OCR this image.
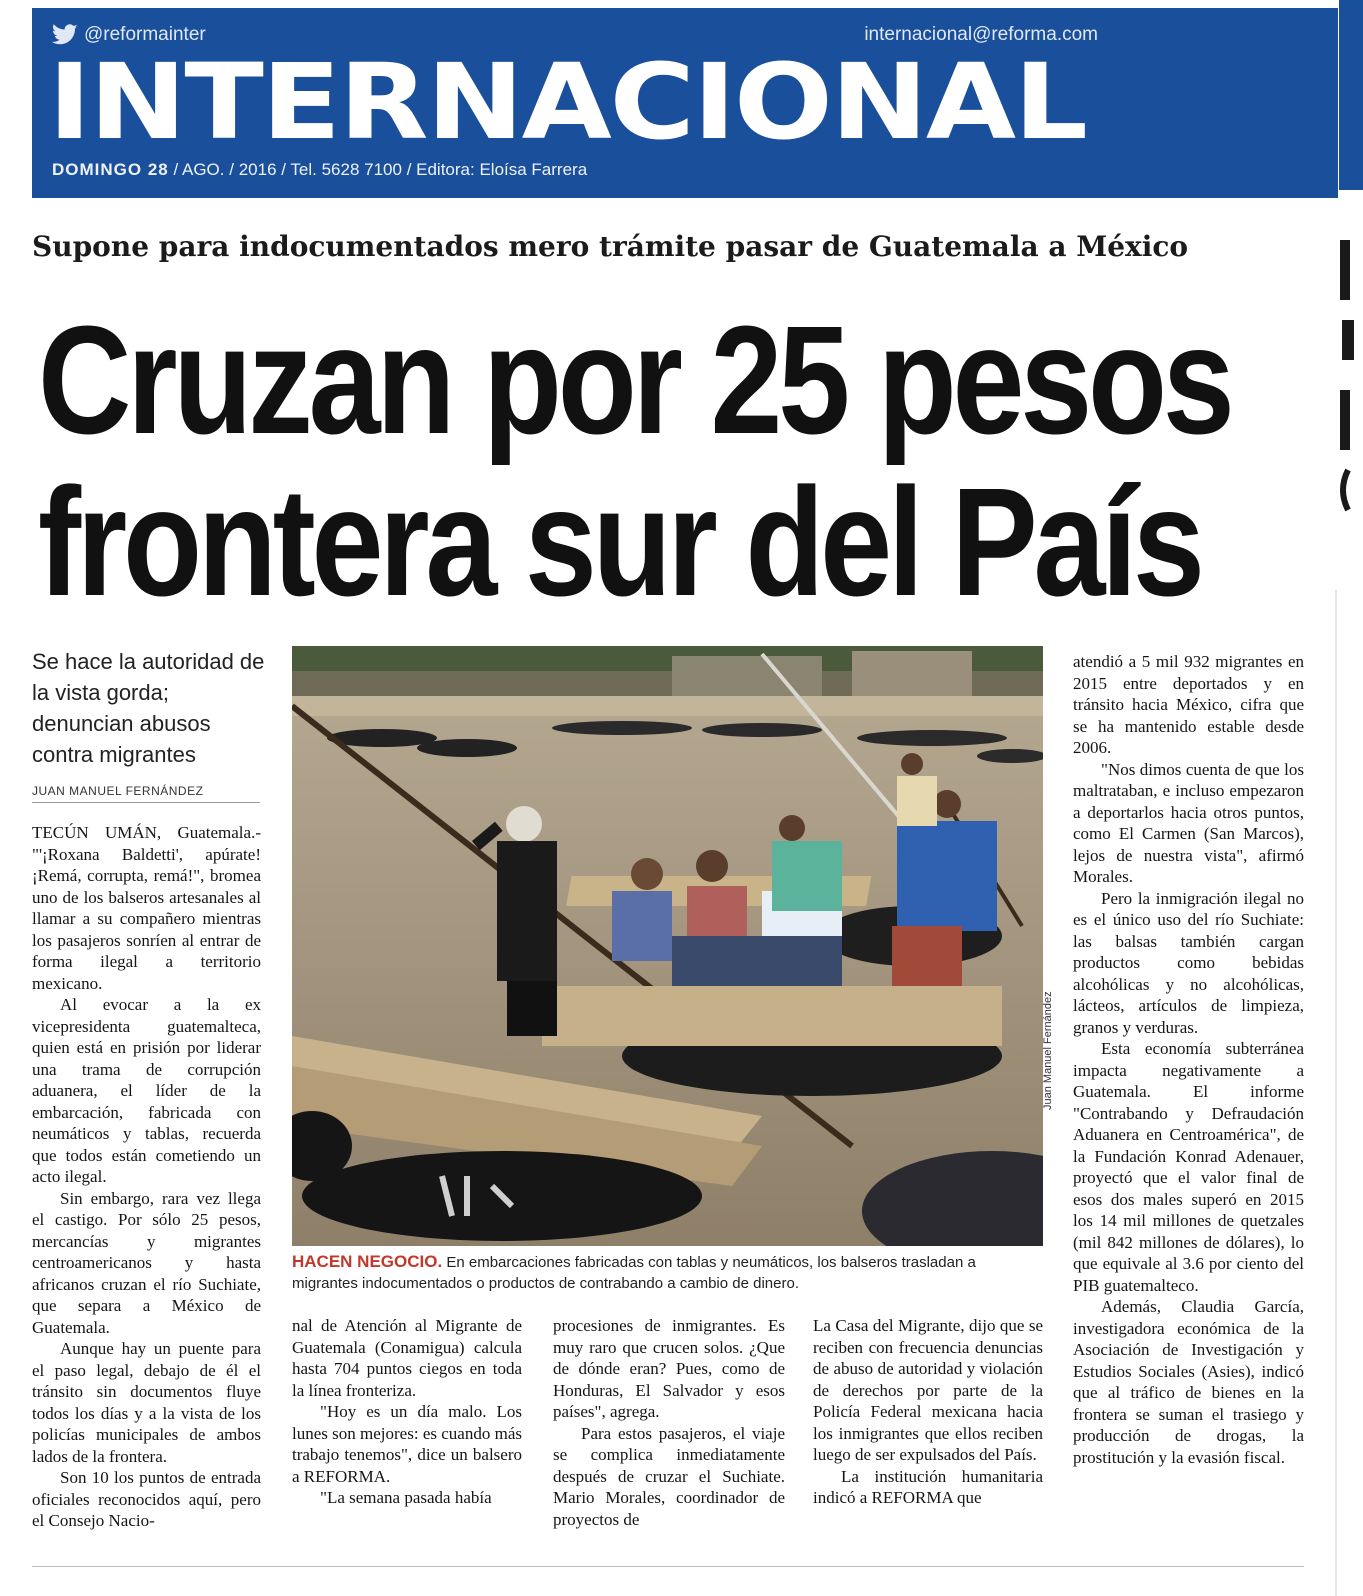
@reformainter	internacional@reforma.com
INTERNACIONAL
DOMINGO 28 / AGO. / 2016 / Tel. 5628 7100 / Editora: Eloísa Farrera
Supone para indocumentados mero trámite pasar de Guatemala a México
Cruzan por 25 pesos
frontera sur del País
Se hace la autoridad de la vista gorda; denuncian abusos contra migrantes
JUAN MANUEL FERNÁNDEZ

TECÚN UMÁN, Guatemala.- "'¡Roxana Baldetti', apúrate! ¡Remá, corrupta, remá!", bromea uno de los balseros artesanales al llamar a su compañero mientras los pasajeros sonríen al entrar de forma ilegal a territorio mexicano.

Al evocar a la ex vicepresidenta guatemalteca, quien está en prisión por liderar una trama de corrupción aduanera, el líder de la embarcación, fabricada con neumáticos y tablas, recuerda que todos están cometiendo un acto ilegal.

Sin embargo, rara vez llega el castigo. Por sólo 25 pesos, mercancías y migrantes centroamericanos y hasta africanos cruzan el río Suchiate, que separa a México de Guatemala.

Aunque hay un puente para el paso legal, debajo de él el tránsito sin documentos fluye todos los días y a la vista de los policías municipales de ambos lados de la frontera.

Son 10 los puntos de entrada oficiales reconocidos aquí, pero el Consejo Nacio-

Juan Manuel Fernández
HACEN NEGOCIO. En embarcaciones fabricadas con tablas y neumáticos, los balseros trasladan a migrantes indocumentados o productos de contrabando a cambio de dinero.

nal de Atención al Migrante de Guatemala (Conamigua) calcula hasta 704 puntos ciegos en toda la línea fronteriza.

"Hoy es un día malo. Los lunes son mejores: es cuando más trabajo tenemos", dice un balsero a REFORMA.

"La semana pasada había

procesiones de inmigrantes. Es muy raro que crucen solos. ¿Que de dónde eran? Pues, como de Honduras, El Salvador y esos países", agrega.

Para estos pasajeros, el viaje se complica inmediatamente después de cruzar el Suchiate. Mario Morales, coordinador de proyectos de

La Casa del Migrante, dijo que se reciben con frecuencia denuncias de abuso de autoridad y violación de derechos por parte de la Policía Federal mexicana hacia los inmigrantes que ellos reciben luego de ser expulsados del País.

La institución humanitaria indicó a REFORMA que

atendió a 5 mil 932 migrantes en 2015 entre deportados y en tránsito hacia México, cifra que se ha mantenido estable desde 2006.

"Nos dimos cuenta de que los maltrataban, e incluso empezaron a deportarlos hacia otros puntos, como El Carmen (San Marcos), lejos de nuestra vista", afirmó Morales.

Pero la inmigración ilegal no es el único uso del río Suchiate: las balsas también cargan productos como bebidas alcohólicas y no alcohólicas, lácteos, artículos de limpieza, granos y verduras.

Esta economía subterránea impacta negativamente a Guatemala. El informe "Contrabando y Defraudación Aduanera en Centroamérica", de la Fundación Konrad Adenauer, proyectó que el valor final de esos dos males superó en 2015 los 14 mil millones de quetzales (mil 842 millones de dólares), lo que equivale al 3.6 por ciento del PIB guatemalteco.

Además, Claudia García, investigadora económica de la Asociación de Investigación y Estudios Sociales (Asies), indicó que al tráfico de bienes en la frontera se suman el trasiego y producción de drogas, la prostitución y la evasión fiscal.
